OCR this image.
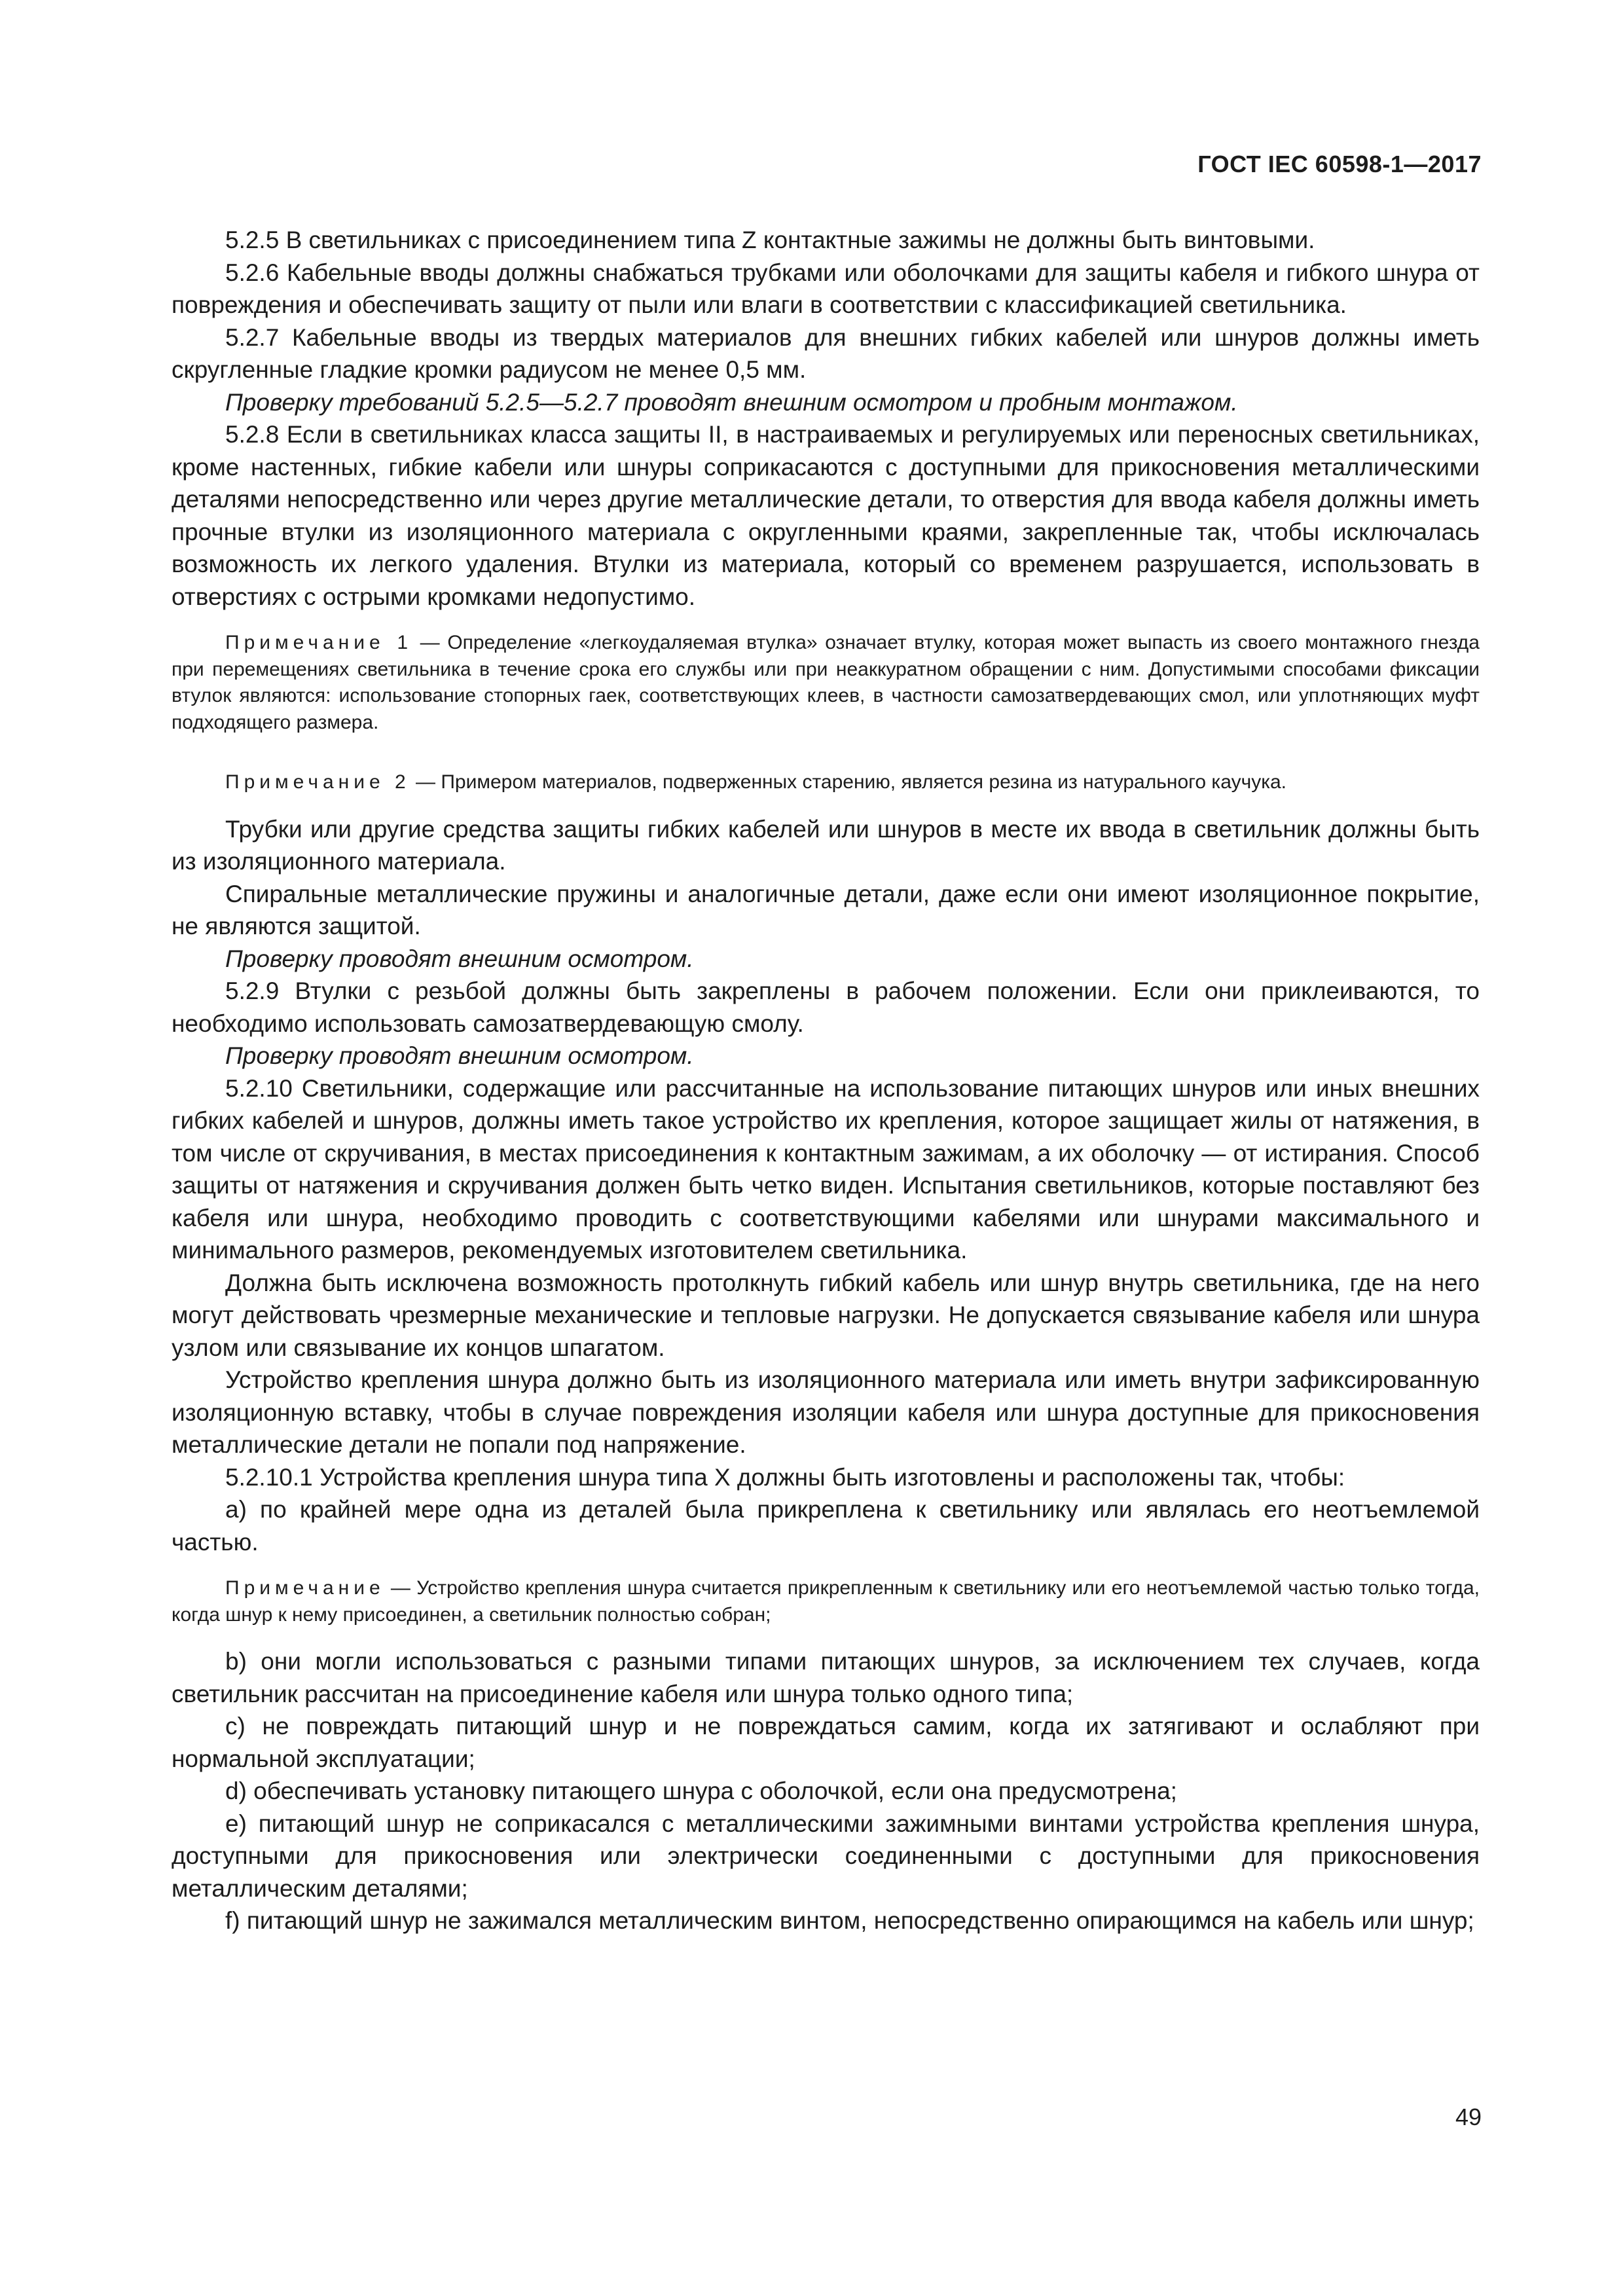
ГОСТ IEC 60598-1—2017

5.2.5 В светильниках с присоединением типа Z контактные зажимы не должны быть винтовыми.

5.2.6 Кабельные вводы должны снабжаться трубками или оболочками для защиты кабеля и гибкого шнура от повреждения и обеспечивать защиту от пыли или влаги в соответствии с классификацией светильника.

5.2.7 Кабельные вводы из твердых материалов для внешних гибких кабелей или шнуров должны иметь скругленные гладкие кромки радиусом не менее 0,5 мм.

Проверку требований 5.2.5—5.2.7 проводят внешним осмотром и пробным монтажом.

5.2.8 Если в светильниках класса защиты II, в настраиваемых и регулируемых или переносных светильниках, кроме настенных, гибкие кабели или шнуры соприкасаются с доступными для прикосновения металлическими деталями непосредственно или через другие металлические детали, то отверстия для ввода кабеля должны иметь прочные втулки из изоляционного материала с округленными краями, закрепленные так, чтобы исключалась возможность их легкого удаления. Втулки из материала, который со временем разрушается, использовать в отверстиях с острыми кромками недопустимо.

Примечание 1 — Определение «легкоудаляемая втулка» означает втулку, которая может выпасть из своего монтажного гнезда при перемещениях светильника в течение срока его службы или при неаккуратном обращении с ним. Допустимыми способами фиксации втулок являются: использование стопорных гаек, соответствующих клеев, в частности самозатвердевающих смол, или уплотняющих муфт подходящего размера.

Примечание 2 — Примером материалов, подверженных старению, является резина из натурального каучука.

Трубки или другие средства защиты гибких кабелей или шнуров в месте их ввода в светильник должны быть из изоляционного материала.

Спиральные металлические пружины и аналогичные детали, даже если они имеют изоляционное покрытие, не являются защитой.

Проверку проводят внешним осмотром.

5.2.9 Втулки с резьбой должны быть закреплены в рабочем положении. Если они приклеиваются, то необходимо использовать самозатвердевающую смолу.

Проверку проводят внешним осмотром.

5.2.10 Светильники, содержащие или рассчитанные на использование питающих шнуров или иных внешних гибких кабелей и шнуров, должны иметь такое устройство их крепления, которое защищает жилы от натяжения, в том числе от скручивания, в местах присоединения к контактным зажимам, а их оболочку — от истирания. Способ защиты от натяжения и скручивания должен быть четко виден. Испытания светильников, которые поставляют без кабеля или шнура, необходимо проводить с соответствующими кабелями или шнурами максимального и минимального размеров, рекомендуемых изготовителем светильника.

Должна быть исключена возможность протолкнуть гибкий кабель или шнур внутрь светильника, где на него могут действовать чрезмерные механические и тепловые нагрузки. Не допускается связывание кабеля или шнура узлом или связывание их концов шпагатом.

Устройство крепления шнура должно быть из изоляционного материала или иметь внутри зафиксированную изоляционную вставку, чтобы в случае повреждения изоляции кабеля или шнура доступные для прикосновения металлические детали не попали под напряжение.

5.2.10.1 Устройства крепления шнура типа X должны быть изготовлены и расположены так, чтобы:

a) по крайней мере одна из деталей была прикреплена к светильнику или являлась его неотъемлемой частью.

Примечание — Устройство крепления шнура считается прикрепленным к светильнику или его неотъемлемой частью только тогда, когда шнур к нему присоединен, а светильник полностью собран;

b) они могли использоваться с разными типами питающих шнуров, за исключением тех случаев, когда светильник рассчитан на присоединение кабеля или шнура только одного типа;

c) не повреждать питающий шнур и не повреждаться самим, когда их затягивают и ослабляют при нормальной эксплуатации;

d) обеспечивать установку питающего шнура с оболочкой, если она предусмотрена;

e) питающий шнур не соприкасался с металлическими зажимными винтами устройства крепления шнура, доступными для прикосновения или электрически соединенными с доступными для прикосновения металлическим деталями;

f) питающий шнур не зажимался металлическим винтом, непосредственно опирающимся на кабель или шнур;

49
